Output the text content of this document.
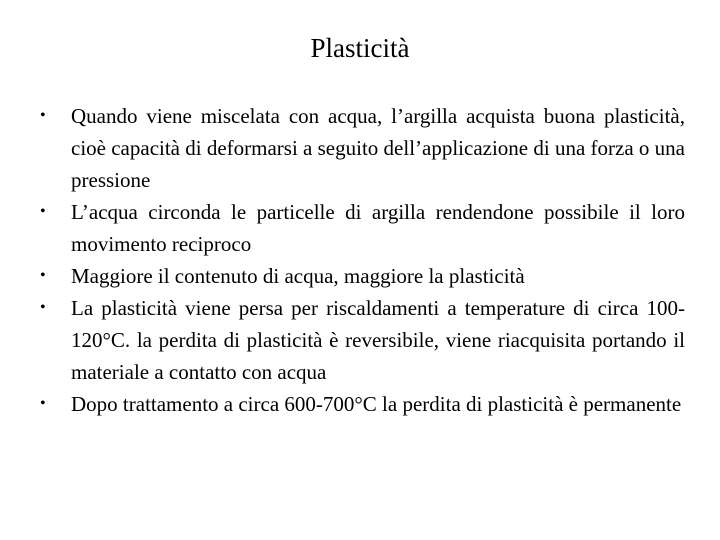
Plasticità
• Quando viene miscelata con acqua, l’argilla acquista buona plasticità, cioè capacità di deformarsi a seguito dell’applicazione di una forza o una pressione
• L’acqua circonda le particelle di argilla rendendone possibile il loro movimento reciproco
• Maggiore il contenuto di acqua, maggiore la plasticità
• La plasticità viene persa per riscaldamenti a temperature di circa 100-120°C. la perdita di plasticità è reversibile, viene riacquisita portando il materiale a contatto con acqua
• Dopo trattamento a circa 600-700°C la perdita di plasticità è permanente
